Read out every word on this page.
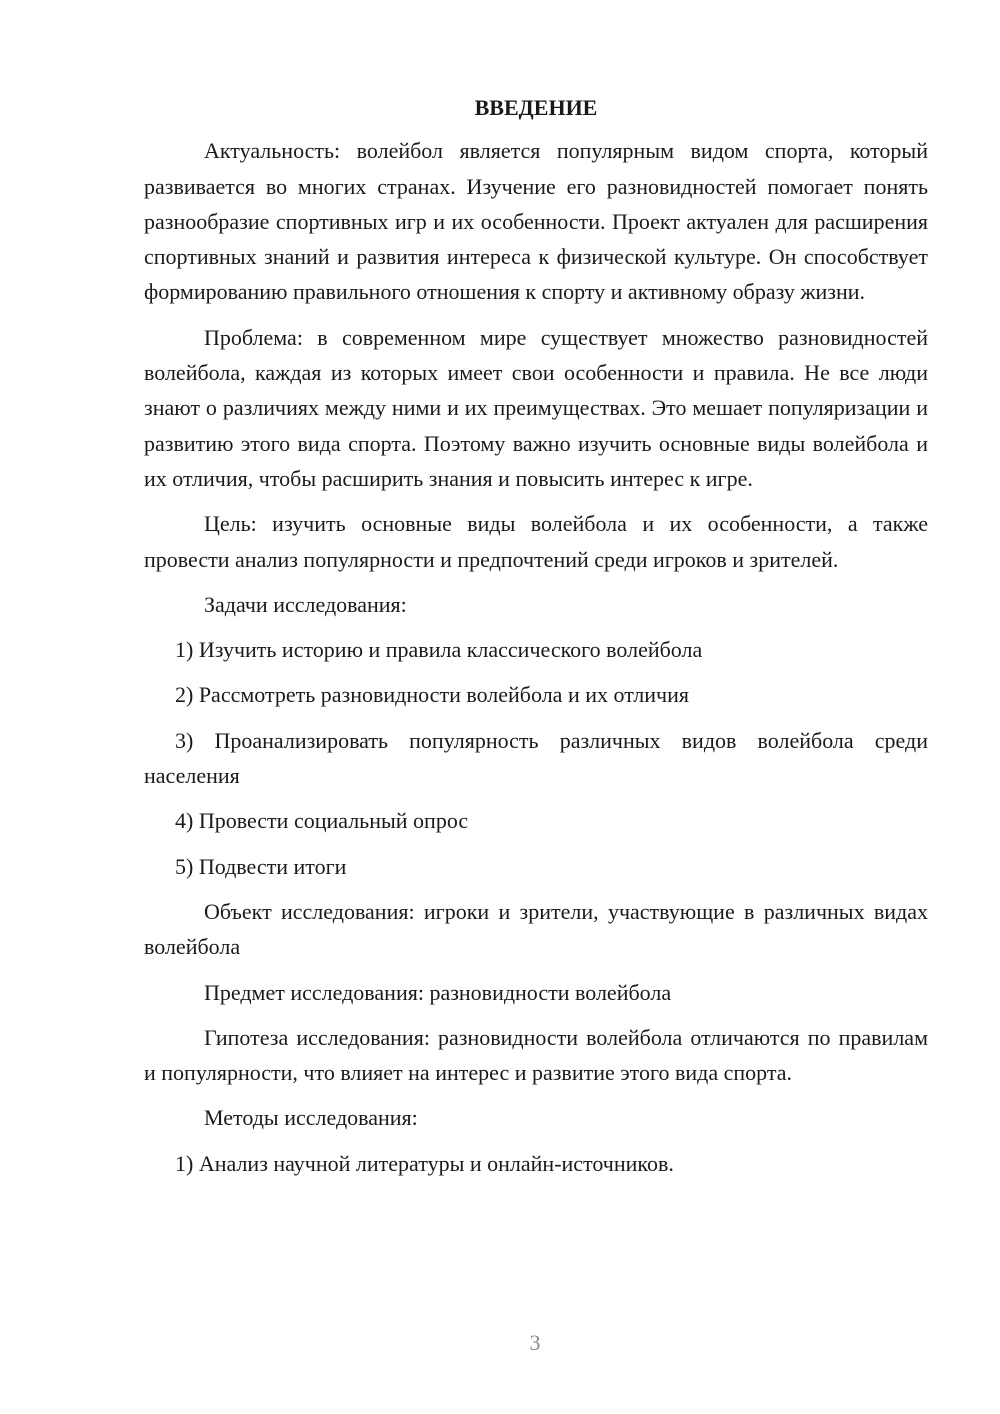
ВВЕДЕНИЕ

Актуальность: волейбол является популярным видом спорта, который развивается во многих странах. Изучение его разновидностей помогает понять разнообразие спортивных игр и их особенности. Проект актуален для расширения спортивных знаний и развития интереса к физической культуре. Он способствует формированию правильного отношения к спорту и активному образу жизни.

Проблема: в современном мире существует множество разновидностей волейбола, каждая из которых имеет свои особенности и правила. Не все люди знают о различиях между ними и их преимуществах. Это мешает популяризации и развитию этого вида спорта. Поэтому важно изучить основные виды волейбола и их отличия, чтобы расширить знания и повысить интерес к игре.

Цель: изучить основные виды волейбола и их особенности, а также провести анализ популярности и предпочтений среди игроков и зрителей.

Задачи исследования:

1) Изучить историю и правила классического волейбола

2) Рассмотреть разновидности волейбола и их отличия

3) Проанализировать популярность различных видов волейбола среди населения

4) Провести социальный опрос

5) Подвести итоги

Объект исследования: игроки и зрители, участвующие в различных видах волейбола

Предмет исследования: разновидности волейбола

Гипотеза исследования: разновидности волейбола отличаются по правилам и популярности, что влияет на интерес и развитие этого вида спорта.

Методы исследования:

1) Анализ научной литературы и онлайн-источников.

3
